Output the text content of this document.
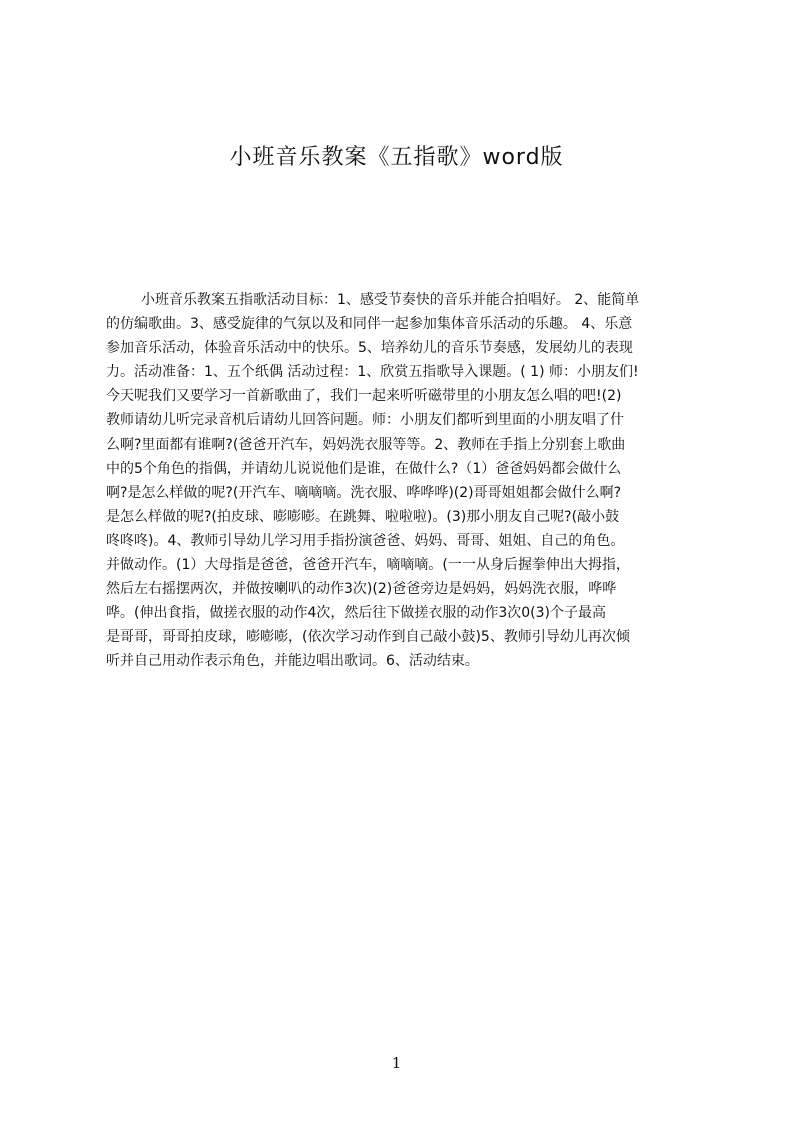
小班音乐教案《五指歌》word版
小班音乐教案五指歌活动目标：1、感受节奏快的音乐并能合拍唱好。 2、能简单
的仿编歌曲。3、感受旋律的气氛以及和同伴一起参加集体音乐活动的乐趣。 4、乐意
参加音乐活动，体验音乐活动中的快乐。5、培养幼儿的音乐节奏感，发展幼儿的表现
力。活动准备：1、五个纸偶 活动过程：1、欣赏五指歌导入课题。( 1) 师：小朋友们!
今天呢我们又要学习一首新歌曲了，我们一起来听听磁带里的小朋友怎么唱的吧!(2)
教师请幼儿听完录音机后请幼儿回答问题。师：小朋友们都听到里面的小朋友唱了什
么啊?里面都有谁啊?(爸爸开汽车，妈妈洗衣服等等。2、教师在手指上分别套上歌曲
中的5个角色的指偶，并请幼儿说说他们是谁，在做什么?（1）爸爸妈妈都会做什么
啊?是怎么样做的呢?(开汽车、嘀嘀嘀。洗衣服、哗哗哗)(2)哥哥姐姐都会做什么啊?
是怎么样做的呢?(拍皮球、嘭嘭嘭。在跳舞、啦啦啦)。(3)那小朋友自己呢?(敲小鼓
咚咚咚)。4、教师引导幼儿学习用手指扮演爸爸、妈妈、哥哥、姐姐、自己的角色。
并做动作。(1）大母指是爸爸，爸爸开汽车，嘀嘀嘀。(一一从身后握拳伸出大拇指，
然后左右摇摆两次，并做按喇叭的动作3次)(2)爸爸旁边是妈妈，妈妈洗衣服，哗哗
哗。(伸出食指，做搓衣服的动作4次，然后往下做搓衣服的动作3次0(3)个子最高
是哥哥，哥哥拍皮球，嘭嘭嘭，(依次学习动作到自己敲小鼓)5、教师引导幼儿再次倾
听并自己用动作表示角色，并能边唱出歌词。6、活动结束。
1
